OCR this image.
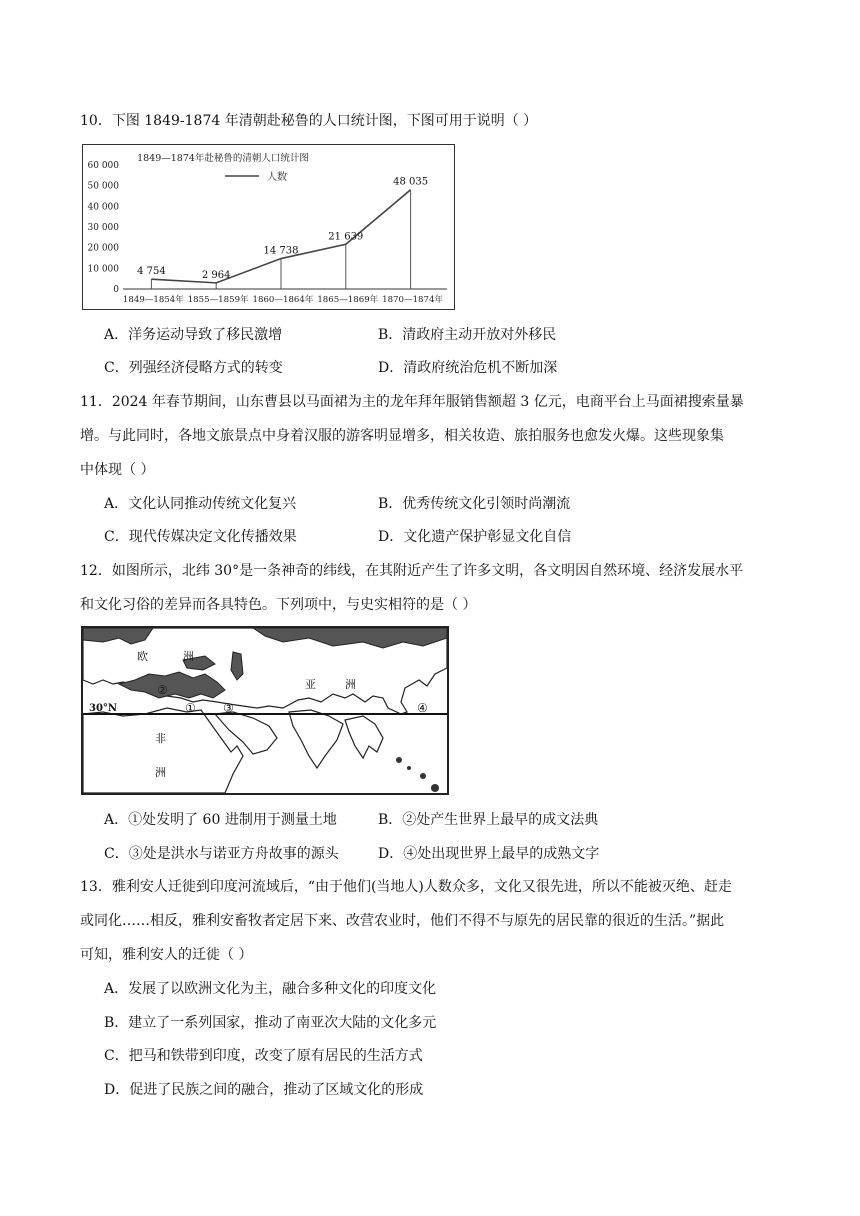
10．下图 1849-1874 年清朝赴秘鲁的人口统计图，下图可用于说明（ ）
1849—1874年赴秘鲁的清朝人口统计图
人数
0
10 000
20 000
30 000
40 000
50 000
60 000
4 754	2 964
14 738
21 639
48 035
1849—1854年 1855—1859年 1860—1864年 1865—1869年 1870—1874年
A．洋务运动导致了移民激增	B．清政府主动开放对外移民
C．列强经济侵略方式的转变	D．清政府统治危机不断加深
11．2024 年春节期间，山东曹县以马面裙为主的龙年拜年服销售额超 3 亿元，电商平台上马面裙搜索量暴
增。与此同时，各地文旅景点中身着汉服的游客明显增多，相关妆造、旅拍服务也愈发火爆。这些现象集
中体现（ ）
A．文化认同推动传统文化复兴	B．优秀传统文化引领时尚潮流
C．现代传媒决定文化传播效果	D．文化遗产保护彰显文化自信
12．如图所示，北纬 30°是一条神奇的纬线，在其附近产生了许多文明，各文明因自然环境、经济发展水平
和文化习俗的差异而各具特色。下列项中，与史实相符的是（ ）
30°N
欧	洲
亚	洲
非
洲
①
②
③	④
A．①处发明了 60 进制用于测量土地	B．②处产生世界上最早的成文法典
C．③处是洪水与诺亚方舟故事的源头	D．④处出现世界上最早的成熟文字
13．雅利安人迁徙到印度河流域后，“由于他们(当地人)人数众多，文化又很先进，所以不能被灭绝、赶走
或同化……相反，雅利安畜牧者定居下来、改营农业时，他们不得不与原先的居民靠的很近的生活。”据此
可知，雅利安人的迁徙（ ）
A．发展了以欧洲文化为主，融合多种文化的印度文化
B．建立了一系列国家，推动了南亚次大陆的文化多元
C．把马和铁带到印度，改变了原有居民的生活方式
D．促进了民族之间的融合，推动了区域文化的形成
